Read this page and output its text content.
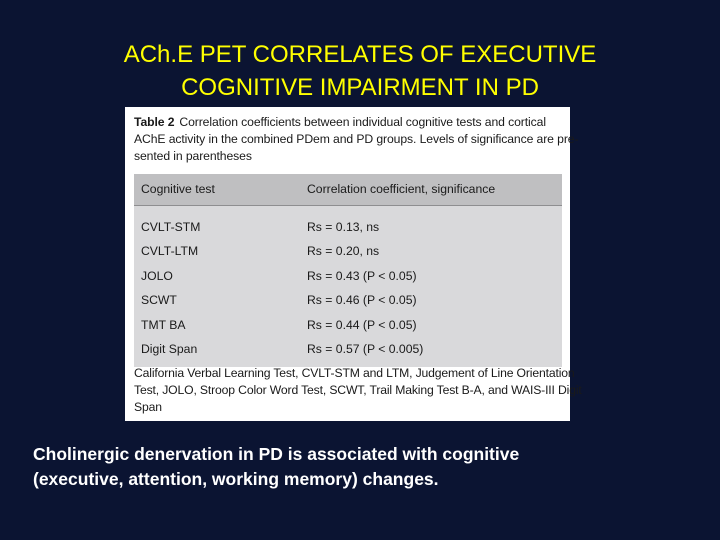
ACh.E PET CORRELATES OF EXECUTIVE
COGNITIVE IMPAIRMENT IN PD
Table 2 Correlation coefficients between individual cognitive tests and cortical
AChE activity in the combined PDem and PD groups. Levels of significance are pre-
sented in parentheses
Cognitive test	Correlation coefficient, significance
CVLT-STM	Rs = 0.13, ns
CVLT-LTM	Rs = 0.20, ns
JOLO	Rs = 0.43 (P < 0.05)
SCWT	Rs = 0.46 (P < 0.05)
TMT BA	Rs = 0.44 (P < 0.05)
Digit Span	Rs = 0.57 (P < 0.005)
California Verbal Learning Test, CVLT-STM and LTM, Judgement of Line Orientation
Test, JOLO, Stroop Color Word Test, SCWT, Trail Making Test B-A, and WAIS-III Digit
Span
Cholinergic denervation in PD is associated with cognitive
(executive, attention, working memory) changes.
